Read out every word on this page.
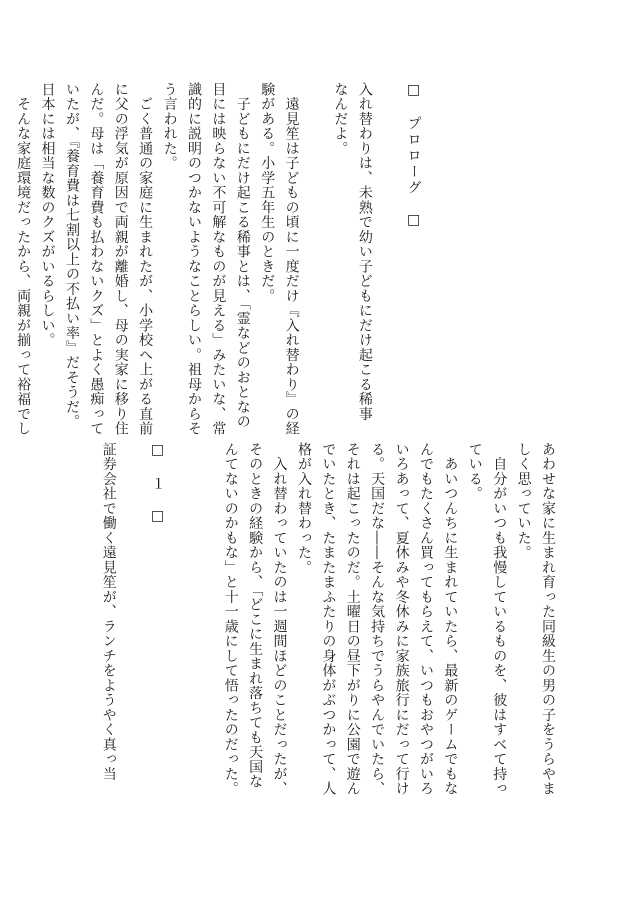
□　プロローグ　□
入れ替わりは、未熟で幼い子どもにだけ起こる稀事
なんだよ。
　遠見笙は子どもの頃に一度だけ『入れ替わり』の経
験がある。小学五年生のときだ。
　子どもにだけ起こる稀事とは、「霊などのおとなの
目には映らない不可解なものが見える」みたいな、常
識的に説明のつかないようなことらしい。祖母からそ
う言われた。
　ごく普通の家庭に生まれたが、小学校へ上がる直前
に父の浮気が原因で両親が離婚し、母の実家に移り住
んだ。母は「養育費も払わないクズ」とよく愚痴って
いたが、『養育費は七割以上の不払い率』だそうだ。
日本には相当な数のクズがいるらしい。
　そんな家庭環境だったから、両親が揃って裕福でし
あわせな家に生まれ育った同級生の男の子をうらやま
しく思っていた。
　自分がいつも我慢しているものを、彼はすべて持っ
ている。
　あいつんちに生まれていたら、最新のゲームでもな
んでもたくさん買ってもらえて、いつもおやつがいろ
いろあって、夏休みや冬休みに家族旅行にだって行け
る。天国だな――そんな気持ちでうらやんでいたら、
それは起こったのだ。土曜日の昼下がりに公園で遊ん
でいたとき、たまたまふたりの身体がぶつかって、人
格が入れ替わった。
　入れ替わっていたのは一週間ほどのことだったが、
そのときの経験から、「どこに生まれ落ちても天国な
んてないのかもな」と十一歳にして悟ったのだった。
□　１　□
証券会社で働く遠見笙が、ランチをようやく真っ当
